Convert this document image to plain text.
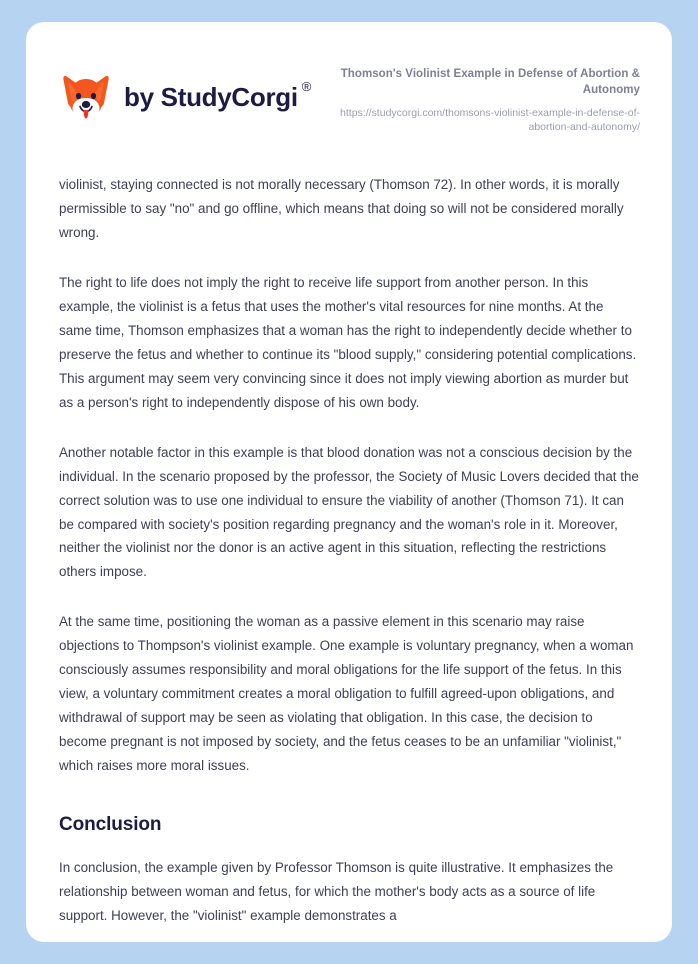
by StudyCorgi ®
Thomson's Violinist Example in Defense of Abortion & Autonomy

https://studycorgi.com/thomsons-violinist-example-in-defense-of-abortion-and-autonomy/

violinist, staying connected is not morally necessary (Thomson 72). In other words, it is morally permissible to say "no" and go offline, which means that doing so will not be considered morally wrong.

The right to life does not imply the right to receive life support from another person. In this example, the violinist is a fetus that uses the mother's vital resources for nine months. At the same time, Thomson emphasizes that a woman has the right to independently decide whether to preserve the fetus and whether to continue its "blood supply," considering potential complications. This argument may seem very convincing since it does not imply viewing abortion as murder but as a person's right to independently dispose of his own body.

Another notable factor in this example is that blood donation was not a conscious decision by the individual. In the scenario proposed by the professor, the Society of Music Lovers decided that the correct solution was to use one individual to ensure the viability of another (Thomson 71). It can be compared with society's position regarding pregnancy and the woman's role in it. Moreover, neither the violinist nor the donor is an active agent in this situation, reflecting the restrictions others impose.

At the same time, positioning the woman as a passive element in this scenario may raise objections to Thompson's violinist example. One example is voluntary pregnancy, when a woman consciously assumes responsibility and moral obligations for the life support of the fetus. In this view, a voluntary commitment creates a moral obligation to fulfill agreed-upon obligations, and withdrawal of support may be seen as violating that obligation. In this case, the decision to become pregnant is not imposed by society, and the fetus ceases to be an unfamiliar "violinist," which raises more moral issues.

Conclusion

In conclusion, the example given by Professor Thomson is quite illustrative. It emphasizes the relationship between woman and fetus, for which the mother's body acts as a source of life support. However, the "violinist" example demonstrates a
